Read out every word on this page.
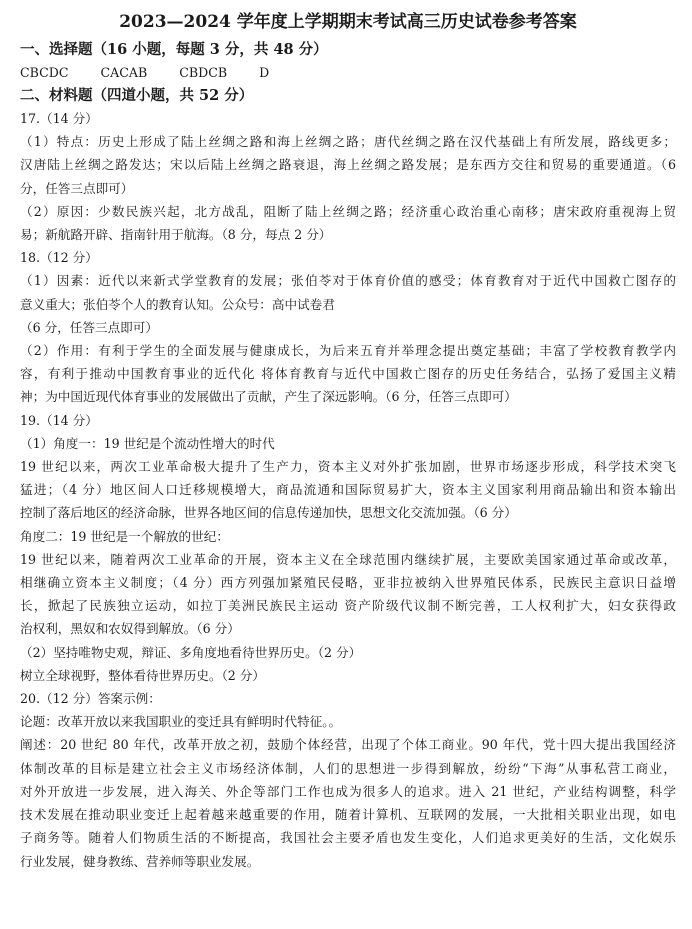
2023—2024 学年度上学期期末考试高三历史试卷参考答案
一、选择题（16 小题，每题 3 分，共 48 分）
CBCDC	CACAB	CBDCB	D
二、材料题（四道小题，共 52 分）

17.（14 分）

（1）特点：历史上形成了陆上丝绸之路和海上丝绸之路；唐代丝绸之路在汉代基础上有所发展，路线更多；

汉唐陆上丝绸之路发达；宋以后陆上丝绸之路衰退，海上丝绸之路发展；是东西方交往和贸易的重要通道。（6

分，任答三点即可）

（2）原因：少数民族兴起，北方战乱，阻断了陆上丝绸之路；经济重心政治重心南移；唐宋政府重视海上贸

易；新航路开辟、指南针用于航海。（8 分，每点 2 分）

18.（12 分）

（1）因素：近代以来新式学堂教育的发展；张伯苓对于体育价值的感受；体育教育对于近代中国救亡图存的

意义重大；张伯苓个人的教育认知。公众号：高中试卷君

（6 分，任答三点即可）

（2）作用：有利于学生的全面发展与健康成长，为后来五育并举理念提出奠定基础；丰富了学校教育教学内

容，有利于推动中国教育事业的近代化 将体育教育与近代中国救亡图存的历史任务结合，弘扬了爱国主义精

神；为中国近现代体育事业的发展做出了贡献，产生了深远影响。（6 分，任答三点即可）

19.（14 分）

（1）角度一：19 世纪是个流动性增大的时代

19 世纪以来，两次工业革命极大提升了生产力，资本主义对外扩张加剧，世界市场逐步形成，科学技术突飞

猛进；（4 分）地区间人口迁移规模增大，商品流通和国际贸易扩大，资本主义国家利用商品输出和资本输出

控制了落后地区的经济命脉，世界各地区间的信息传递加快，思想文化交流加强。（6 分）

角度二：19 世纪是一个解放的世纪：

19 世纪以来，随着两次工业革命的开展，资本主义在全球范围内继续扩展，主要欧美国家通过革命或改革，

相继确立资本主义制度；（4 分）西方列强加紧殖民侵略，亚非拉被纳入世界殖民体系，民族民主意识日益增

长，掀起了民族独立运动，如拉丁美洲民族民主运动 资产阶级代议制不断完善，工人权利扩大，妇女获得政

治权利，黑奴和农奴得到解放。（6 分）

（2）坚持唯物史观，辩证、多角度地看待世界历史。（2 分）

树立全球视野，整体看待世界历史。（2 分）

20.（12 分）答案示例：

论题：改革开放以来我国职业的变迁具有鲜明时代特征。。

阐述：20 世纪 80 年代，改革开放之初，鼓励个体经营，出现了个体工商业。90 年代，党十四大提出我国经济

体制改革的目标是建立社会主义市场经济体制，人们的思想进一步得到解放，纷纷“下海”从事私营工商业，

对外开放进一步发展，进入海关、外企等部门工作也成为很多人的追求。进入 21 世纪，产业结构调整，科学

技术发展在推动职业变迁上起着越来越重要的作用，随着计算机、互联网的发展，一大批相关职业出现，如电

子商务等。随着人们物质生活的不断提高，我国社会主要矛盾也发生变化，人们追求更美好的生活，文化娱乐

行业发展，健身教练、营养师等职业发展。
